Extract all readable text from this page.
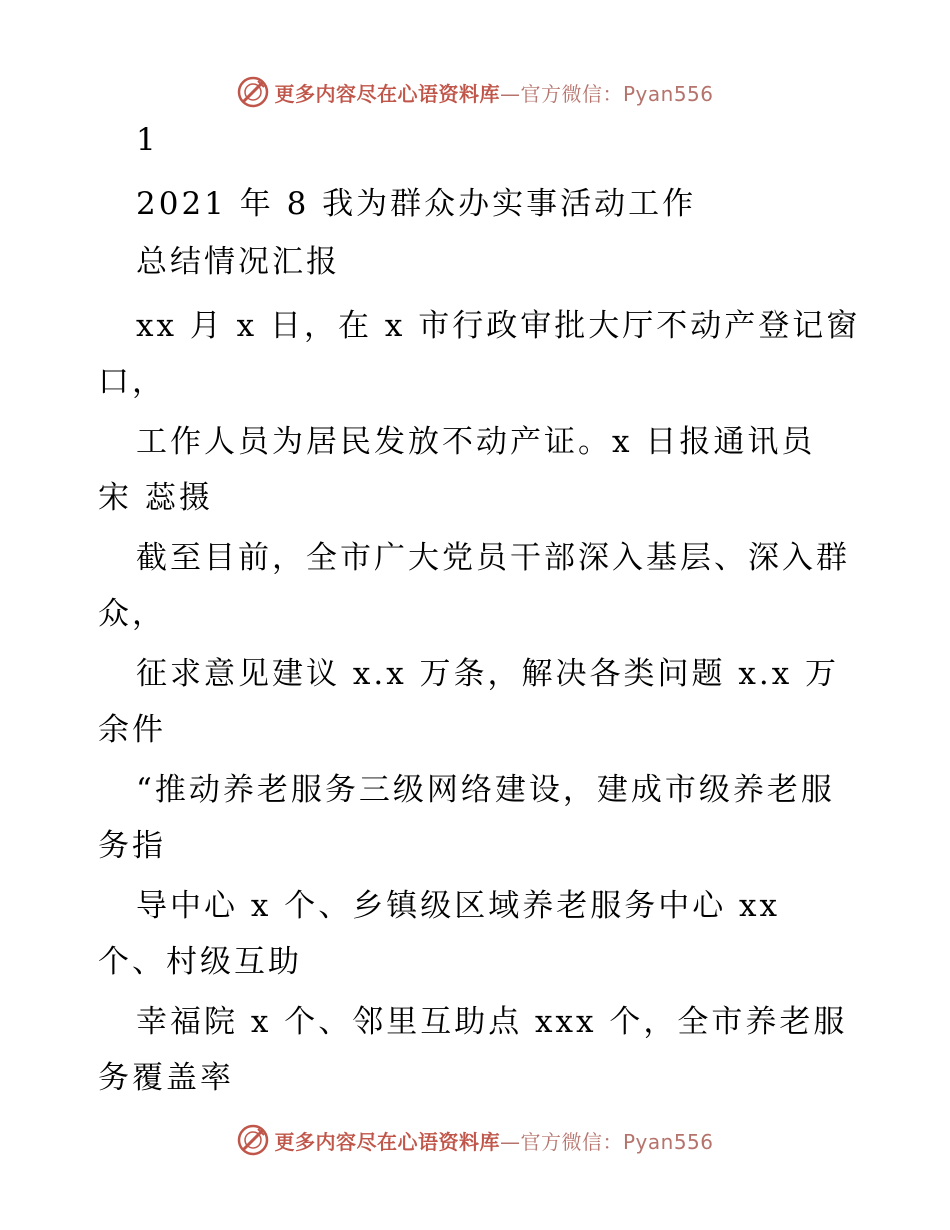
更多内容尽在心语资料库—官方微信：Pyan556
1
2021 年 8 我为群众办实事活动工作
总结情况汇报
xx 月 x 日，在 x 市行政审批大厅不动产登记窗
口，
工作人员为居民发放不动产证。x 日报通讯员
宋 蕊摄
截至目前，全市广大党员干部深入基层、深入群
众，
征求意见建议 x.x 万条，解决各类问题 x.x 万
余件
“推动养老服务三级网络建设，建成市级养老服
务指
导中心 x 个、乡镇级区域养老服务中心 xx
个、村级互助
幸福院 x 个、邻里互助点 xxx 个，全市养老服
务覆盖率
更多内容尽在心语资料库—官方微信：Pyan556
